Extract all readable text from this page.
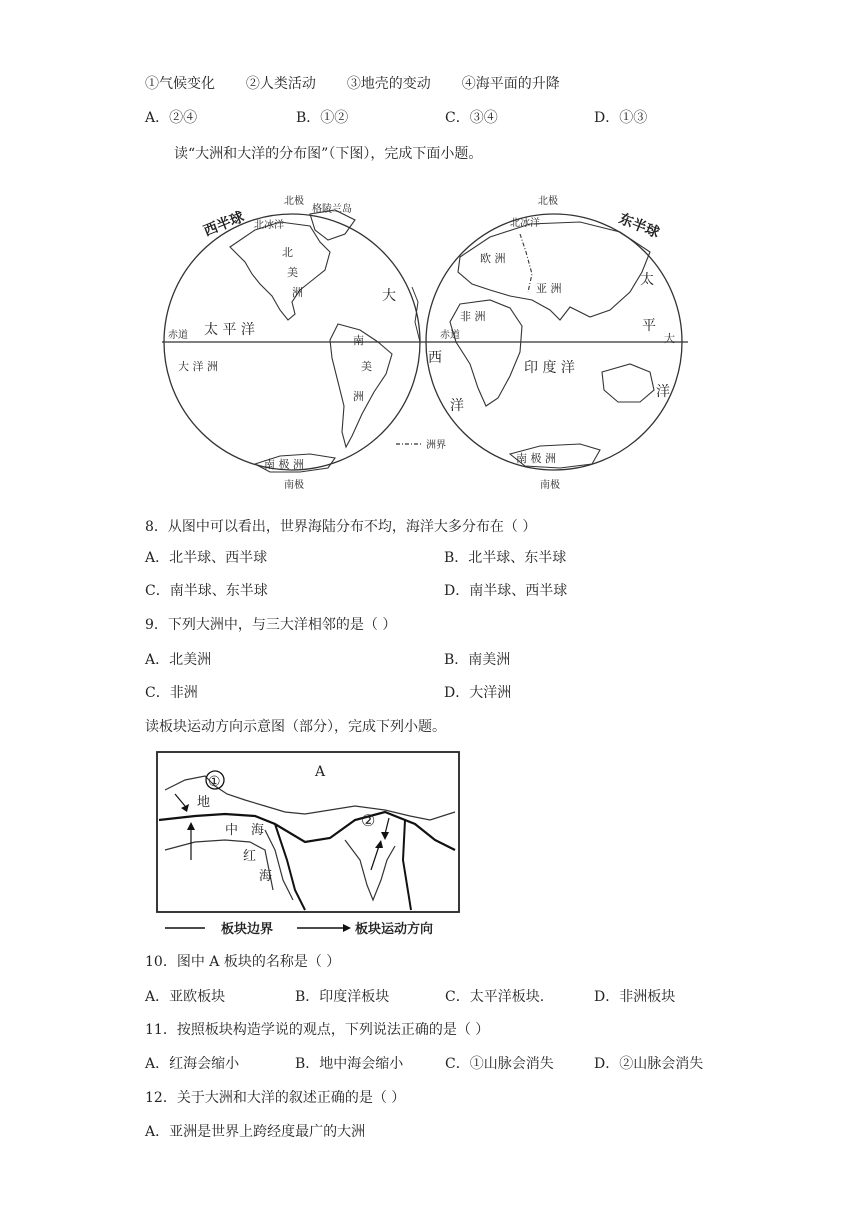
①气候变化 ②人类活动 ③地壳的变动 ④海平面的升降
A．②④	B．①②	C．③④	D．①③
读“大洲和大洋的分布图”（下图），完成下面小题。
西半球
北极
格陵兰岛
北冰洋
北
美
洲
太 平 洋
赤道
大
南
美
洲
大 洋 洲
南 极 洲
南极
洲界
东半球
北极
北冰洋
欧 洲
亚 洲
非 洲
赤道
西
洋
印 度 洋
太
平
大
洋
南 极 洲
南极
8．从图中可以看出，世界海陆分布不均，海洋大多分布在（ ）
A．北半球、西半球	B．北半球、东半球
C．南半球、东半球	D．南半球、西半球
9．下列大洲中，与三大洋相邻的是（ ）
A．北美洲	B．南美洲
C．非洲	D．大洋洲
读板块运动方向示意图（部分），完成下列小题。
A
①
②
地
中 海
红
海
板块边界	板块运动方向
10．图中 A 板块的名称是（ ）
A．亚欧板块	B．印度洋板块	C．太平洋板块.	D．非洲板块
11．按照板块构造学说的观点，下列说法正确的是（ ）
A．红海会缩小	B．地中海会缩小	C．①山脉会消失	D．②山脉会消失
12．关于大洲和大洋的叙述正确的是（ ）
A．亚洲是世界上跨经度最广的大洲
